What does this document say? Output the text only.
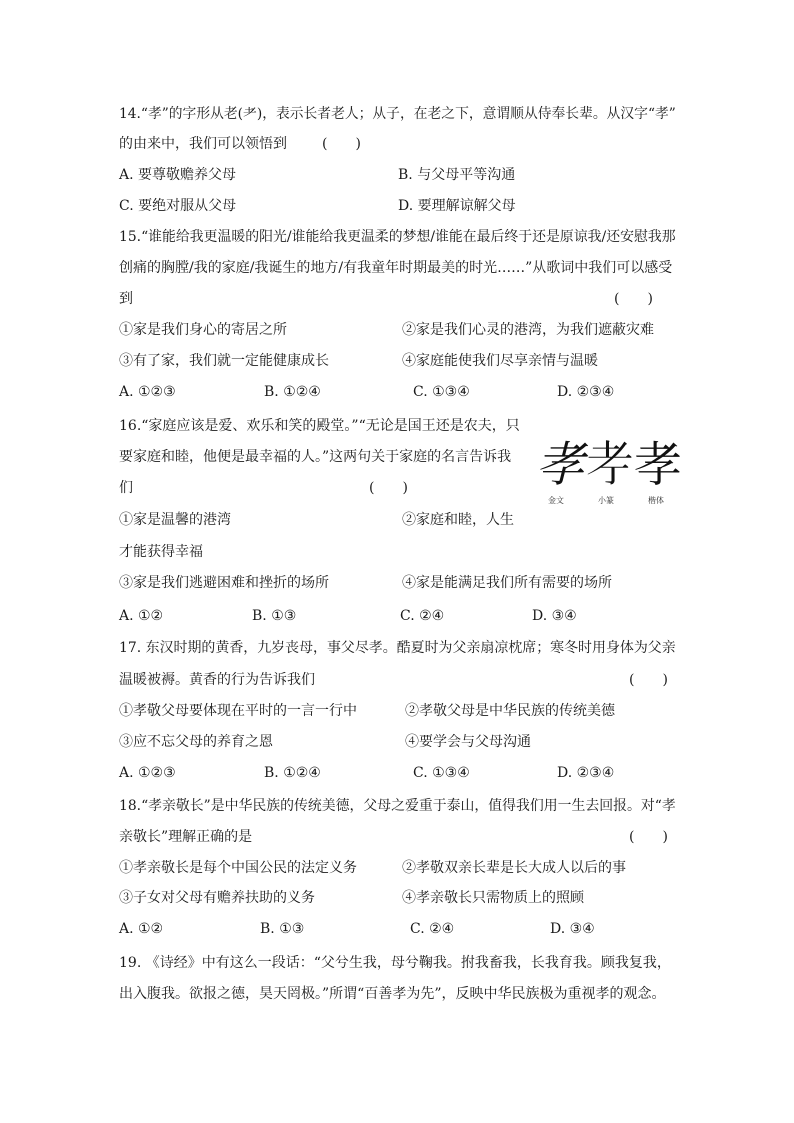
14.“孝”的字形从老(耂)，表示长者老人；从子，在老之下，意谓顺从侍奉长辈。从汉字“孝”
的由来中，我们可以领悟到	(　　)
A. 要尊敬赡养父母	B. 与父母平等沟通
C. 要绝对服从父母	D. 要理解谅解父母
15.“谁能给我更温暖的阳光/谁能给我更温柔的梦想/谁能在最后终于还是原谅我/还安慰我那
创痛的胸膛/我的家庭/我诞生的地方/有我童年时期最美的时光……”从歌词中我们可以感受
到	(　　)
①家是我们身心的寄居之所	②家是我们心灵的港湾，为我们遮蔽灾难
③有了家，我们就一定能健康成长	④家庭能使我们尽享亲情与温暖
A. ①②③	B. ①②④	C. ①③④	D. ②③④
16.“家庭应该是爱、欢乐和笑的殿堂。”“无论是国王还是农夫，只
要家庭和睦，他便是最幸福的人。”这两句关于家庭的名言告诉我
们	(　　)
①家是温馨的港湾	②家庭和睦，人生
才能获得幸福
③家是我们逃避困难和挫折的场所	④家是能满足我们所有需要的场所
A. ①②	B. ①③	C. ②④	D. ③④
孝 𦒱 孝
金文	小篆	楷体
17. 东汉时期的黄香，九岁丧母，事父尽孝。酷夏时为父亲扇凉枕席；寒冬时用身体为父亲
温暖被褥。黄香的行为告诉我们	(　　)
①孝敬父母要体现在平时的一言一行中	②孝敬父母是中华民族的传统美德
③应不忘父母的养育之恩	④要学会与父母沟通
A. ①②③	B. ①②④	C. ①③④	D. ②③④
18.“孝亲敬长”是中华民族的传统美德，父母之爱重于泰山，值得我们用一生去回报。对“孝
亲敬长”理解正确的是	(　　)
①孝亲敬长是每个中国公民的法定义务	②孝敬双亲长辈是长大成人以后的事
③子女对父母有赡养扶助的义务	④孝亲敬长只需物质上的照顾
A. ①②	B. ①③	C. ②④	D. ③④
19. 《诗经》中有这么一段话：“父兮生我，母兮鞠我。拊我畜我，长我育我。顾我复我，
出入腹我。欲报之德，昊天罔极。”所谓“百善孝为先”，反映中华民族极为重视孝的观念。
